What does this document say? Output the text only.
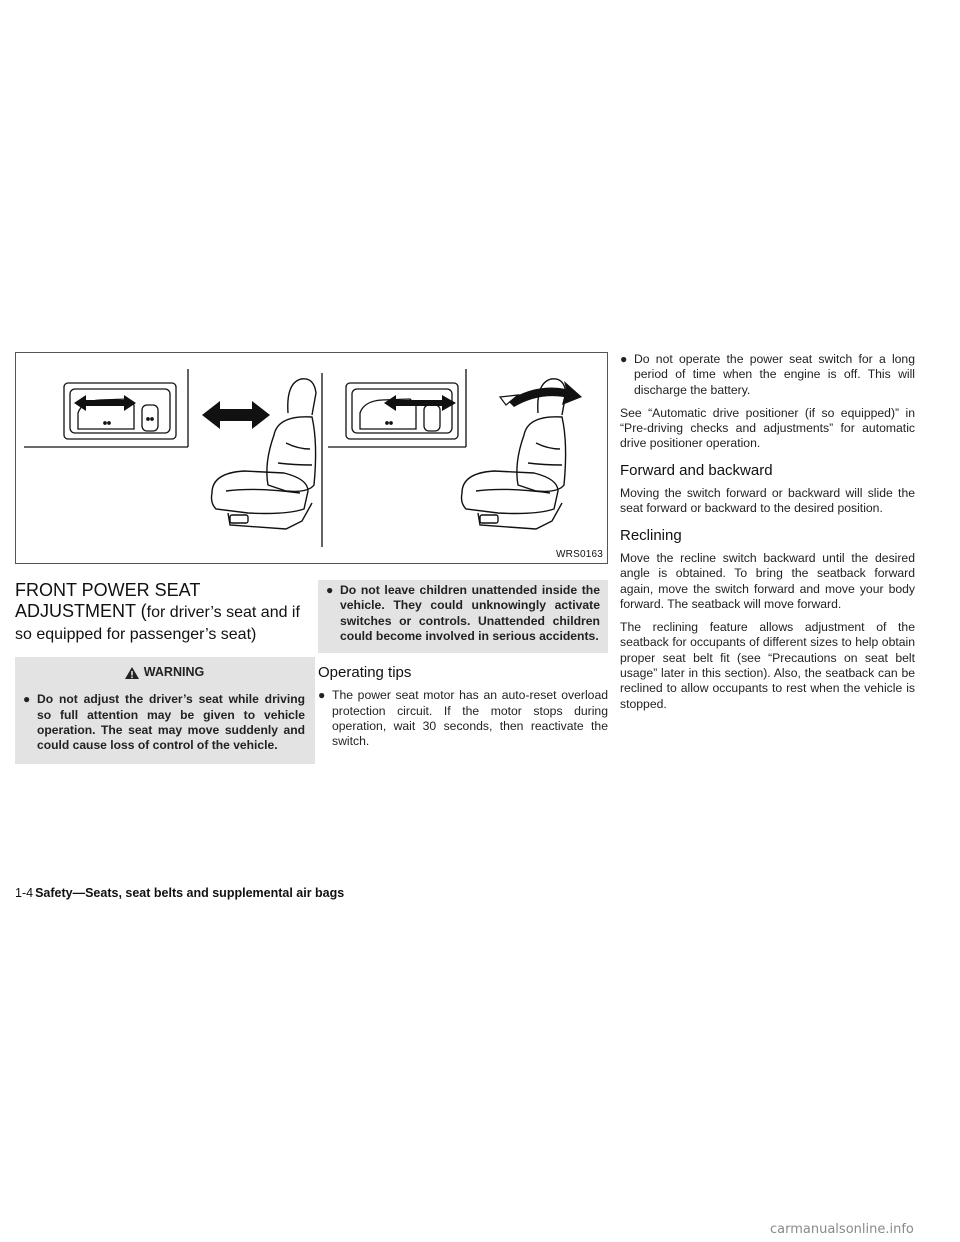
WRS0163
FRONT POWER SEAT
ADJUSTMENT (for driver’s seat and if
so equipped for passenger’s seat)
WARNING

● Do not adjust the driver’s seat while driving so full attention may be given to vehicle operation. The seat may move suddenly and could cause loss of control of the vehicle.

● Do not leave children unattended inside the vehicle. They could unknowingly activate switches or controls. Unattended children could become involved in serious accidents.

Operating tips

● The power seat motor has an auto-reset overload protection circuit. If the motor stops during operation, wait 30 seconds, then reactivate the switch.

● Do not operate the power seat switch for a long period of time when the engine is off. This will discharge the battery.

See “Automatic drive positioner (if so equipped)” in “Pre-driving checks and adjustments” for automatic drive positioner operation.

Forward and backward

Moving the switch forward or backward will slide the seat forward or backward to the desired position.

Reclining

Move the recline switch backward until the desired angle is obtained. To bring the seatback forward again, move the switch forward and move your body forward. The seatback will move forward.

The reclining feature allows adjustment of the seatback for occupants of different sizes to help obtain proper seat belt fit (see “Precautions on seat belt usage” later in this section). Also, the seatback can be reclined to allow occupants to rest when the vehicle is stopped.

1-4 Safety—Seats, seat belts and supplemental air bags
carmanualsonline.info
